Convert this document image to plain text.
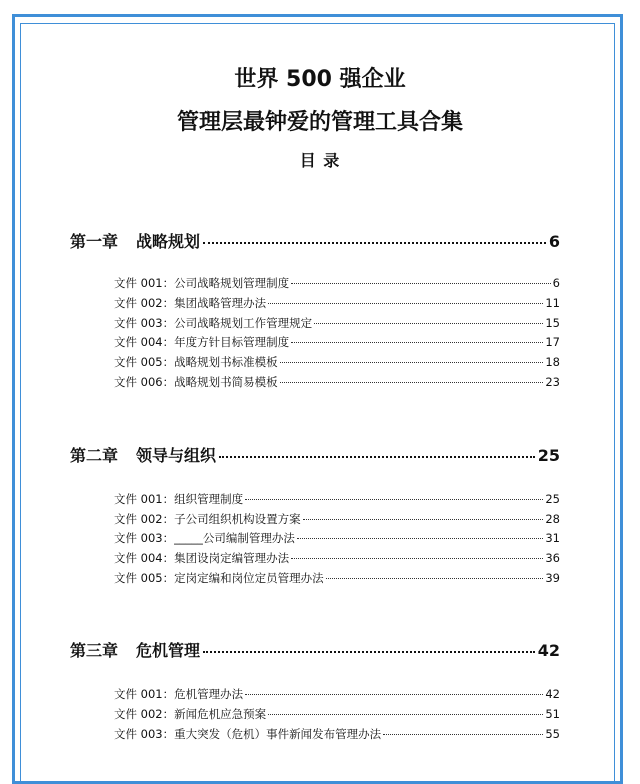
世界 500 强企业
管理层最钟爱的管理工具合集
目 录
第一章 战略规划	6
文件 001：公司战略规划管理制度	6
文件 002：集团战略管理办法	11
文件 003：公司战略规划工作管理规定	15
文件 004：年度方针目标管理制度	17
文件 005：战略规划书标准模板	18
文件 006：战略规划书简易模板	23
第二章 领导与组织	25
文件 001：组织管理制度	25
文件 002：子公司组织机构设置方案	28
文件 003：_____公司编制管理办法	31
文件 004：集团设岗定编管理办法	36
文件 005：定岗定编和岗位定员管理办法	39
第三章 危机管理	42
文件 001：危机管理办法	42
文件 002：新闻危机应急预案	51
文件 003：重大突发（危机）事件新闻发布管理办法	55
